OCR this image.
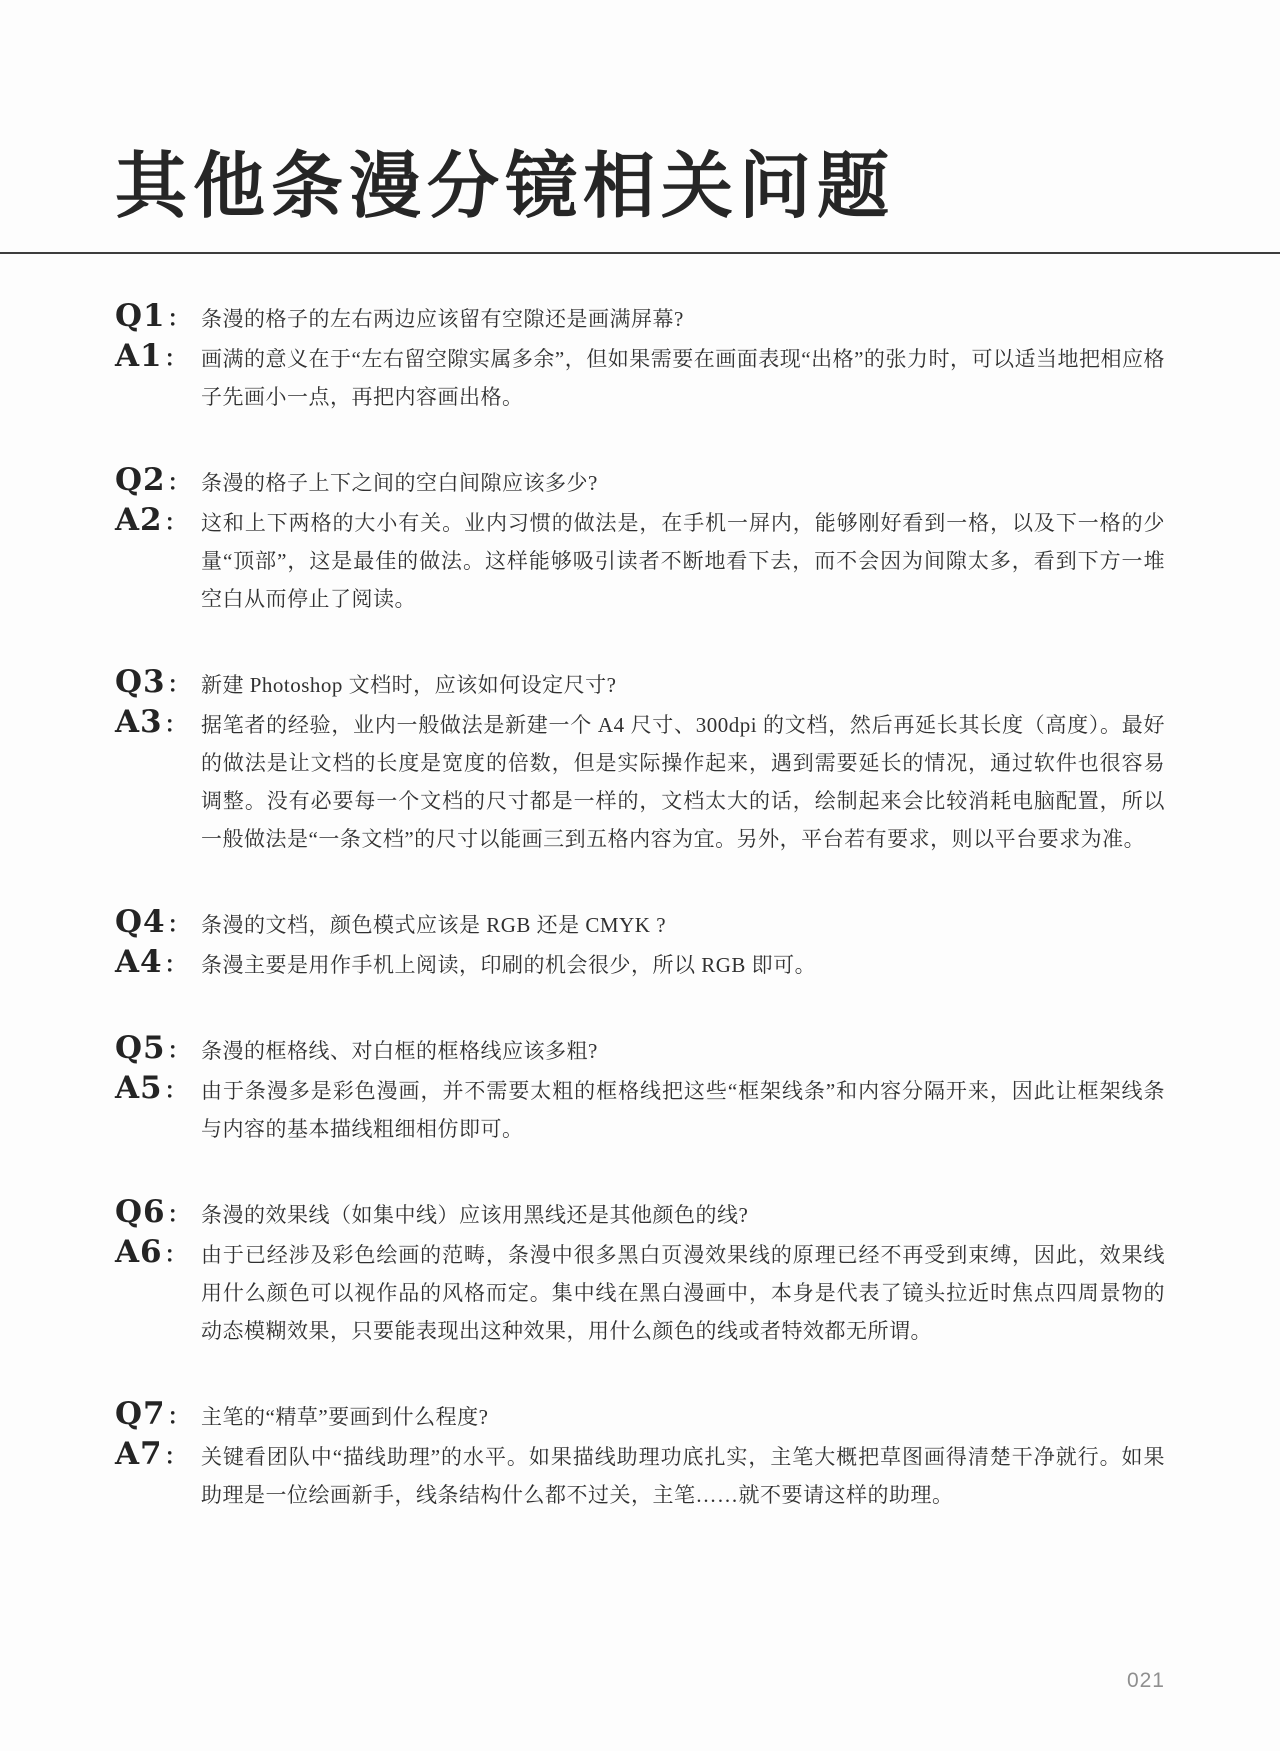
其他条漫分镜相关问题
Q1： 条漫的格子的左右两边应该留有空隙还是画满屏幕?

A1： 画满的意义在于“左右留空隙实属多余”，但如果需要在画面表现“出格”的张力时，可以适当地把相应格子先画小一点，再把内容画出格。

Q2： 条漫的格子上下之间的空白间隙应该多少?

A2： 这和上下两格的大小有关。业内习惯的做法是，在手机一屏内，能够刚好看到一格，以及下一格的少量“顶部”，这是最佳的做法。这样能够吸引读者不断地看下去，而不会因为间隙太多，看到下方一堆空白从而停止了阅读。

Q3： 新建 Photoshop 文档时，应该如何设定尺寸?

A3： 据笔者的经验，业内一般做法是新建一个 A4 尺寸、300dpi 的文档，然后再延长其长度（高度）。最好的做法是让文档的长度是宽度的倍数，但是实际操作起来，遇到需要延长的情况，通过软件也很容易调整。没有必要每一个文档的尺寸都是一样的，文档太大的话，绘制起来会比较消耗电脑配置，所以一般做法是“一条文档”的尺寸以能画三到五格内容为宜。另外，平台若有要求，则以平台要求为准。

Q4： 条漫的文档，颜色模式应该是 RGB 还是 CMYK ?

A4： 条漫主要是用作手机上阅读，印刷的机会很少，所以 RGB 即可。

Q5： 条漫的框格线、对白框的框格线应该多粗?

A5： 由于条漫多是彩色漫画，并不需要太粗的框格线把这些“框架线条”和内容分隔开来，因此让框架线条与内容的基本描线粗细相仿即可。

Q6： 条漫的效果线（如集中线）应该用黑线还是其他颜色的线?

A6： 由于已经涉及彩色绘画的范畴，条漫中很多黑白页漫效果线的原理已经不再受到束缚，因此，效果线用什么颜色可以视作品的风格而定。集中线在黑白漫画中，本身是代表了镜头拉近时焦点四周景物的动态模糊效果，只要能表现出这种效果，用什么颜色的线或者特效都无所谓。

Q7： 主笔的“精草”要画到什么程度?

A7： 关键看团队中“描线助理”的水平。如果描线助理功底扎实，主笔大概把草图画得清楚干净就行。如果助理是一位绘画新手，线条结构什么都不过关，主笔……就不要请这样的助理。

021
